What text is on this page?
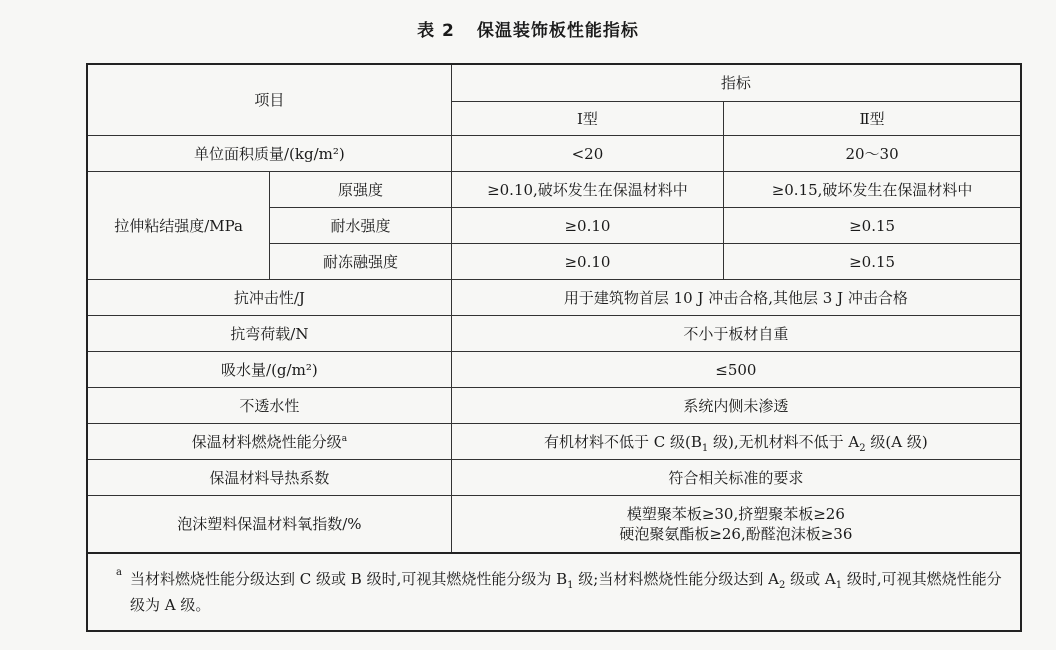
表 2 保温装饰板性能指标
项目		指标	
		Ⅰ型	Ⅱ型
单位面积质量/(kg/m²)		<20	20～30
拉伸粘结强度/MPa	原强度	≥0.10,破坏发生在保温材料中	≥0.15,破坏发生在保温材料中
	耐水强度	≥0.10	≥0.15
	耐冻融强度	≥0.10	≥0.15
抗冲击性/J		用于建筑物首层 10 J 冲击合格,其他层 3 J 冲击合格	
抗弯荷载/N		不小于板材自重	
吸水量/(g/m²)		≤500	
不透水性		系统内侧未渗透	
保温材料燃烧性能分级$^a$		有机材料不低于 C 级($B_1$ 级),无机材料不低于 $A_2$ 级(A 级)	
保温材料导热系数		符合相关标准的要求	
泡沫塑料保温材料氧指数/%		模塑聚苯板≥30,挤塑聚苯板≥26
硬泡聚氨酯板≥26,酚醛泡沫板≥36	

a 当材料燃烧性能分级达到 C 级或 B 级时,可视其燃烧性能分级为 $B_1$ 级;当材料燃烧性能分级达到 $A_2$ 级或 $A_1$ 级时,可视其燃烧性能分级为 A 级。			
